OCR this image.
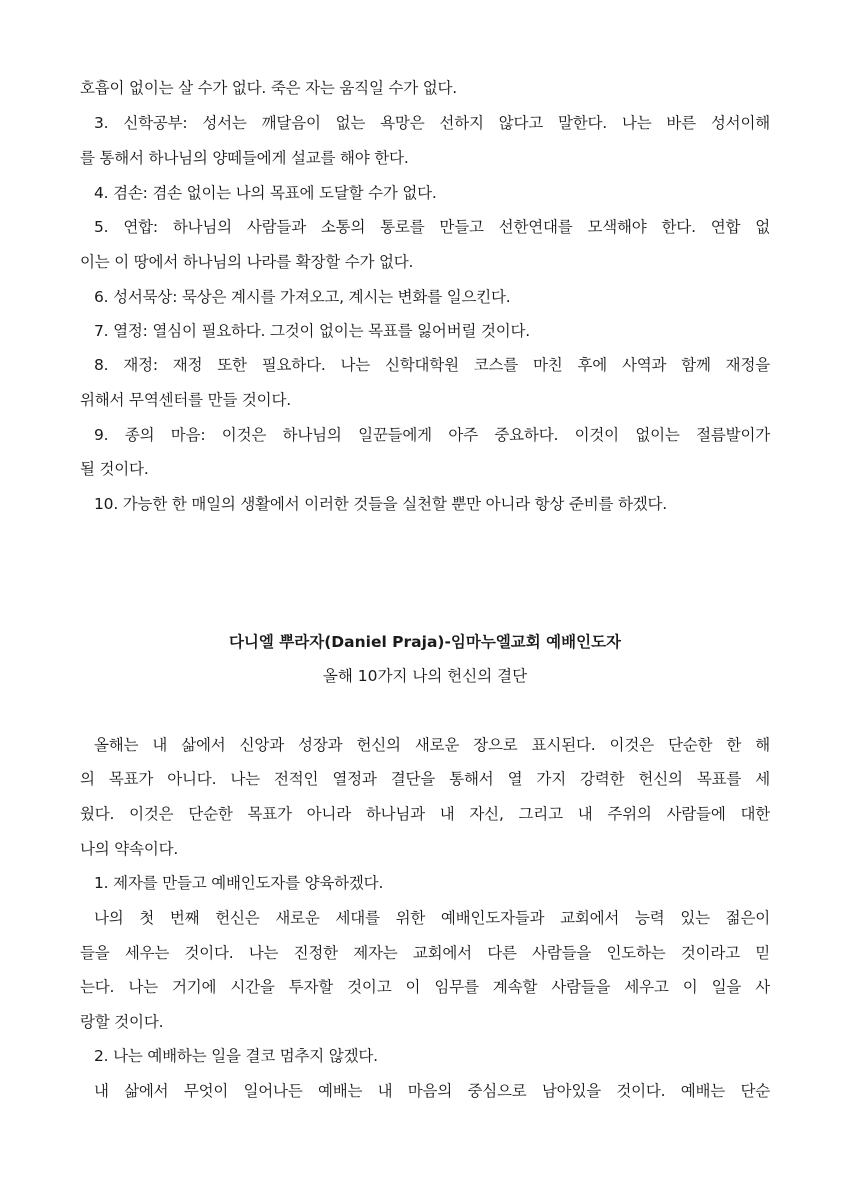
호흡이 없이는 살 수가 없다. 죽은 자는 움직일 수가 없다.
3. 신학공부: 성서는 깨달음이 없는 욕망은 선하지 않다고 말한다. 나는 바른 성서이해
를 통해서 하나님의 양떼들에게 설교를 해야 한다.
4. 겸손: 겸손 없이는 나의 목표에 도달할 수가 없다.
5. 연합: 하나님의 사람들과 소통의 통로를 만들고 선한연대를 모색해야 한다. 연합 없
이는 이 땅에서 하나님의 나라를 확장할 수가 없다.
6. 성서묵상: 묵상은 계시를 가져오고, 계시는 변화를 일으킨다.
7. 열정: 열심이 필요하다. 그것이 없이는 목표를 잃어버릴 것이다.
8. 재정: 재정 또한 필요하다. 나는 신학대학원 코스를 마친 후에 사역과 함께 재정을
위해서 무역센터를 만들 것이다.
9. 종의 마음: 이것은 하나님의 일꾼들에게 아주 중요하다. 이것이 없이는 절름발이가
될 것이다.
10. 가능한 한 매일의 생활에서 이러한 것들을 실천할 뿐만 아니라 항상 준비를 하겠다.
다니엘 뿌라자(Daniel Praja)-임마누엘교회 예배인도자
올해 10가지 나의 헌신의 결단
올해는 내 삶에서 신앙과 성장과 헌신의 새로운 장으로 표시된다. 이것은 단순한 한 해
의 목표가 아니다. 나는 전적인 열정과 결단을 통해서 열 가지 강력한 헌신의 목표를 세
웠다. 이것은 단순한 목표가 아니라 하나님과 내 자신, 그리고 내 주위의 사람들에 대한
나의 약속이다.
1. 제자를 만들고 예배인도자를 양육하겠다.
나의 첫 번째 헌신은 새로운 세대를 위한 예배인도자들과 교회에서 능력 있는 젊은이
들을 세우는 것이다. 나는 진정한 제자는 교회에서 다른 사람들을 인도하는 것이라고 믿
는다. 나는 거기에 시간을 투자할 것이고 이 임무를 계속할 사람들을 세우고 이 일을 사
랑할 것이다.
2. 나는 예배하는 일을 결코 멈추지 않겠다.
내 삶에서 무엇이 일어나든 예배는 내 마음의 중심으로 남아있을 것이다. 예배는 단순
